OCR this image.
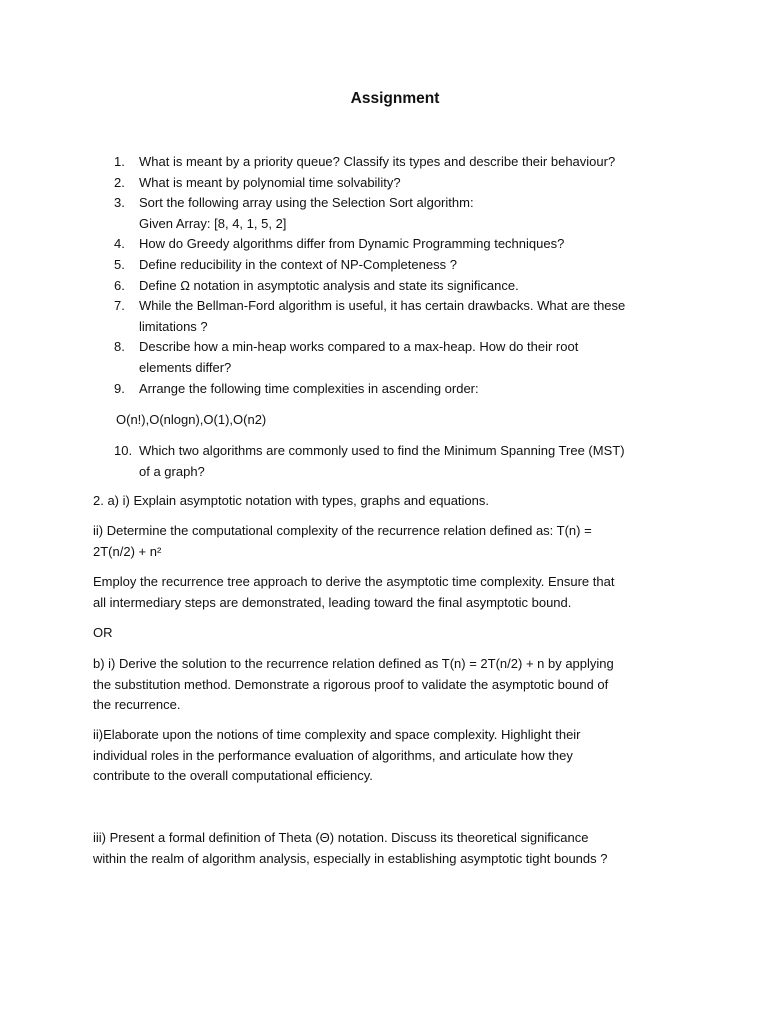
Assignment
1.	What is meant by a priority queue? Classify its types and describe their behaviour?
2.	What is meant by polynomial time solvability?
3.	Sort the following array using the Selection Sort algorithm:
Given Array: [8, 4, 1, 5, 2]
4.	How do Greedy algorithms differ from Dynamic Programming techniques?
5.	Define reducibility in the context of NP-Completeness ?
6.	Define Ω notation in asymptotic analysis and state its significance.
7.	While the Bellman-Ford algorithm is useful, it has certain drawbacks. What are these
limitations ?
8.	Describe how a min-heap works compared to a max-heap. How do their root
elements differ?
9.	Arrange the following time complexities in ascending order:
O(n!),O(nlogn),O(1),O(n2)
10. Which two algorithms are commonly used to find the Minimum Spanning Tree (MST)
of a graph?
2. a) i) Explain asymptotic notation with types, graphs and equations.
ii) Determine the computational complexity of the recurrence relation defined as: T(n) =
2T(n/2) + n²
Employ the recurrence tree approach to derive the asymptotic time complexity. Ensure that
all intermediary steps are demonstrated, leading toward the final asymptotic bound.
OR
b) i) Derive the solution to the recurrence relation defined as T(n) = 2T(n/2) + n by applying
the substitution method. Demonstrate a rigorous proof to validate the asymptotic bound of
the recurrence.
ii)Elaborate upon the notions of time complexity and space complexity. Highlight their
individual roles in the performance evaluation of algorithms, and articulate how they
contribute to the overall computational efficiency.
iii) Present a formal definition of Theta (Θ) notation. Discuss its theoretical significance
within the realm of algorithm analysis, especially in establishing asymptotic tight bounds ?
